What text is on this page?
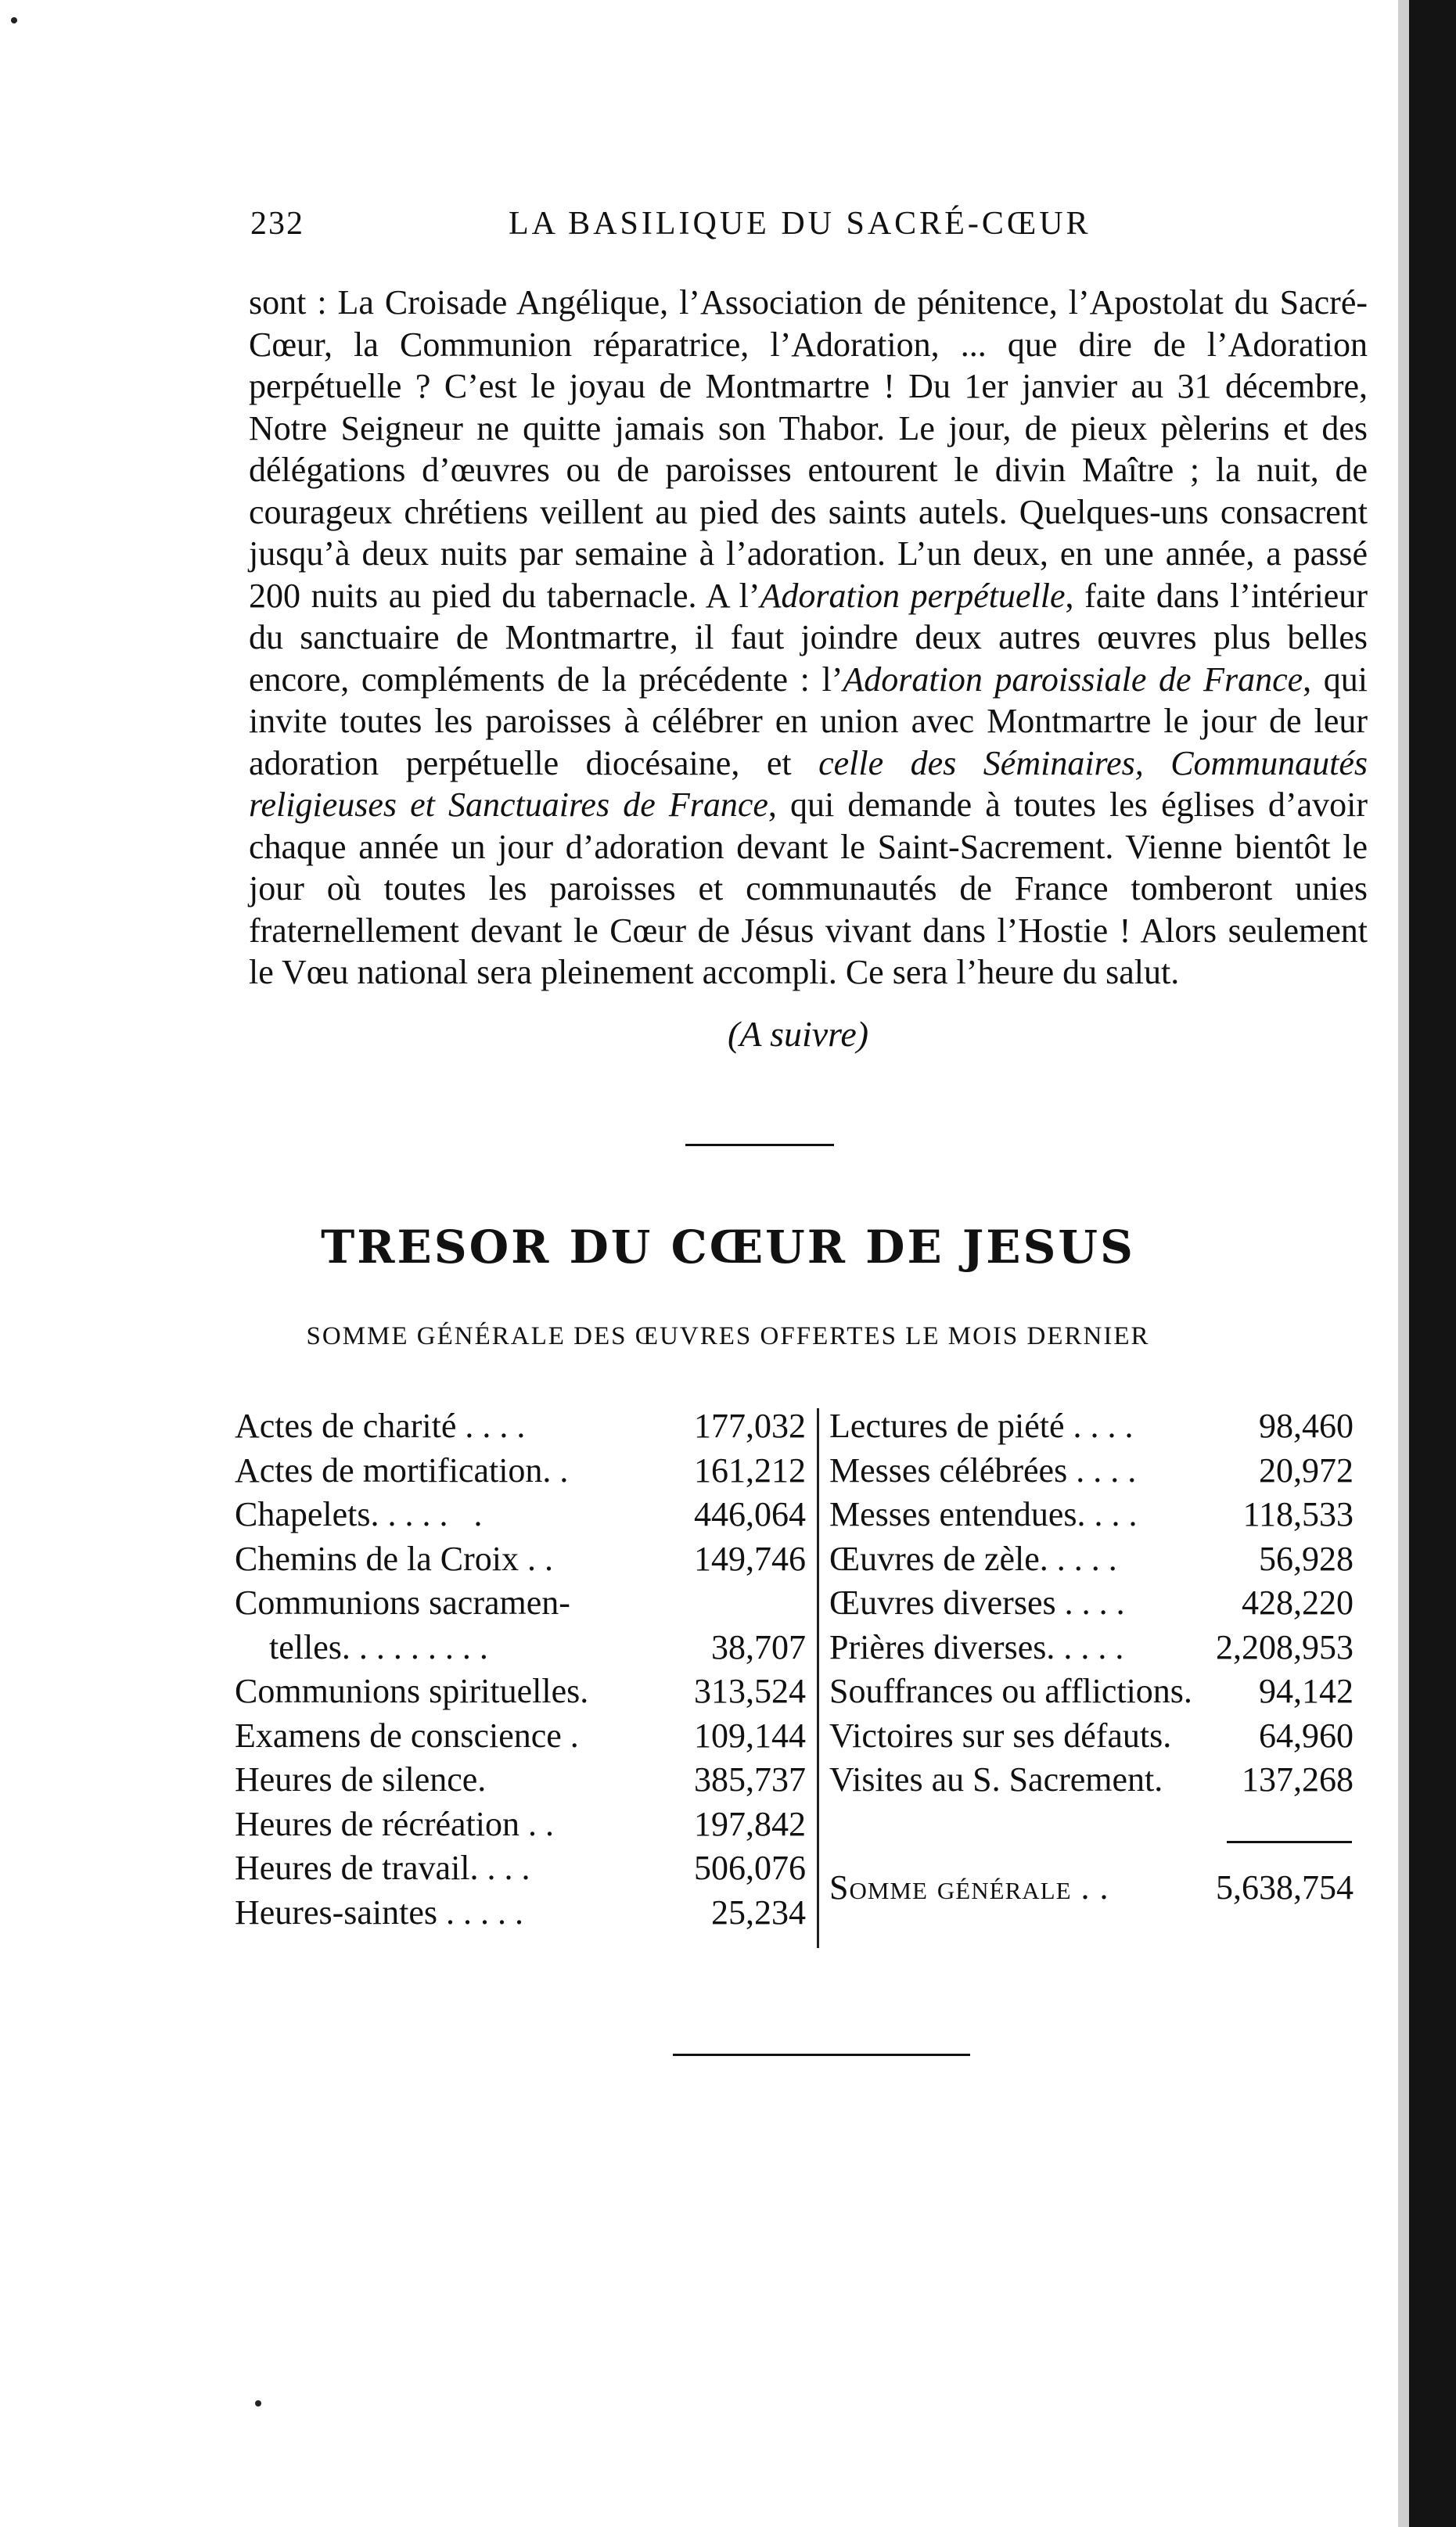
232	LA BASILIQUE DU SACRÉ-CŒUR

sont : La Croisade Angélique, l’Association de pénitence, l’Apostolat du Sacré-Cœur, la Communion réparatrice, l’Adoration, ... que dire de l’Adoration perpétuelle ? C’est le joyau de Montmartre ! Du 1er janvier au 31 décembre, Notre Seigneur ne quitte jamais son Thabor. Le jour, de pieux pèlerins et des délégations d’œuvres ou de paroisses entourent le divin Maître ; la nuit, de courageux chrétiens veillent au pied des saints autels. Quelques-uns consacrent jusqu’à deux nuits par semaine à l’adoration. L’un deux, en une année, a passé 200 nuits au pied du tabernacle. A l’Adoration perpétuelle, faite dans l’intérieur du sanctuaire de Montmartre, il faut joindre deux autres œuvres plus belles encore, compléments de la précédente : l’Adoration paroissiale de France, qui invite toutes les paroisses à célébrer en union avec Montmartre le jour de leur adoration perpétuelle diocésaine, et celle des Séminaires, Communautés religieuses et Sanctuaires de France, qui demande à toutes les églises d’avoir chaque année un jour d’adoration devant le Saint-Sacrement. Vienne bientôt le jour où toutes les paroisses et communautés de France tomberont unies fraternellement devant le Cœur de Jésus vivant dans l’Hostie ! Alors seulement le Vœu national sera pleinement accompli. Ce sera l’heure du salut.

(A suivre)
TRESOR DU CŒUR DE JESUS
SOMME GÉNÉRALE DES ŒUVRES OFFERTES LE MOIS DERNIER
Actes de charité . . . .	177,032
Actes de mortification. .	161,212
Chapelets. . . . .   .	446,064
Chemins de la Croix . .	149,746
Communions sacramen-
telles. . . . . . . . .	38,707
Communions spirituelles.	313,524
Examens de conscience .	109,144
Heures de silence.	385,737
Heures de récréation . .	197,842
Heures de travail. . . .	506,076
Heures-saintes . . . . .	25,234
Lectures de piété . . . .	98,460
Messes célébrées . . . .	20,972
Messes entendues. . . .	118,533
Œuvres de zèle. . . . .	56,928
Œuvres diverses . . . .	428,220
Prières diverses. . . . .	2,208,953
Souffrances ou afflictions. 94,142
Victoires sur ses défauts.	64,960
Visites au S. Sacrement. 137,268
Somme générale . .	5,638,754
